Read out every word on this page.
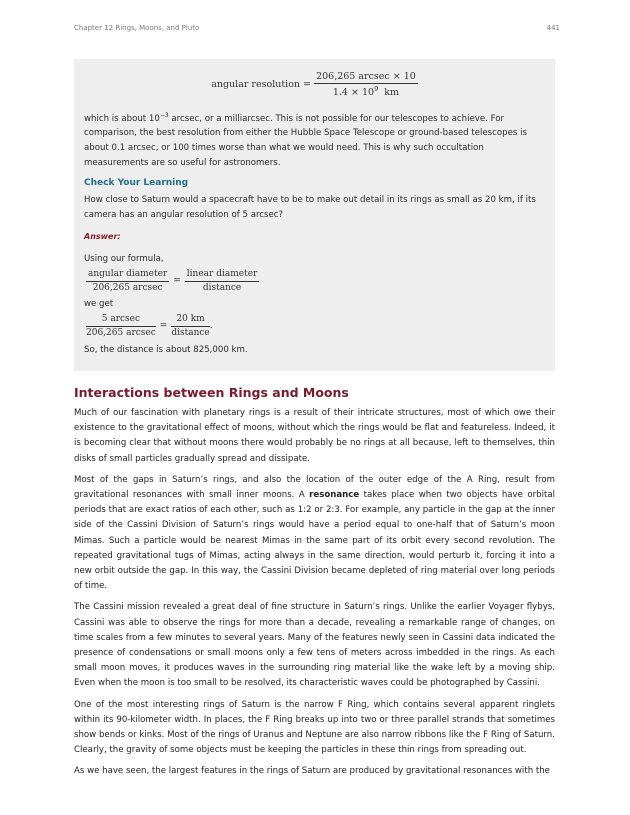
Chapter 12 Rings, Moons, and Pluto	441
angular resolution = $\frac{\text{206,265 arcsec × 10}}{1.4 \times 10^9 km}$

which is about $10^{-3}$ arcsec, or a milliarcsec. This is not possible for our telescopes to achieve. For comparison, the best resolution from either the Hubble Space Telescope or ground-based telescopes is about 0.1 arcsec, or 100 times worse than what we would need. This is why such occultation measurements are so useful for astronomers.

Check Your Learning

How close to Saturn would a spacecraft have to be to make out detail in its rings as small as 20 km, if its camera has an angular resolution of 5 arcsec?

Answer:

Using our formula,

$\frac{\text{angular diameter}}{\text{206,265 arcsec}} = \frac{\text{linear diameter}}{\text{distance}}$

we get

$\frac{\text{5 arcsec}}{\text{206,265 arcsec}} = \frac{20 km}{\text{distance}}$ .

So, the distance is about 825,000 km.

Interactions between Rings and Moons

Much of our fascination with planetary rings is a result of their intricate structures, most of which owe their existence to the gravitational effect of moons, without which the rings would be flat and featureless. Indeed, it is becoming clear that without moons there would probably be no rings at all because, left to themselves, thin disks of small particles gradually spread and dissipate.

Most of the gaps in Saturn’s rings, and also the location of the outer edge of the A Ring, result from gravitational resonances with small inner moons. A resonance takes place when two objects have orbital periods that are exact ratios of each other, such as 1:2 or 2:3. For example, any particle in the gap at the inner side of the Cassini Division of Saturn’s rings would have a period equal to one-half that of Saturn’s moon Mimas. Such a particle would be nearest Mimas in the same part of its orbit every second revolution. The repeated gravitational tugs of Mimas, acting always in the same direction, would perturb it, forcing it into a new orbit outside the gap. In this way, the Cassini Division became depleted of ring material over long periods of time.

The Cassini mission revealed a great deal of fine structure in Saturn’s rings. Unlike the earlier Voyager flybys, Cassini was able to observe the rings for more than a decade, revealing a remarkable range of changes, on time scales from a few minutes to several years. Many of the features newly seen in Cassini data indicated the presence of condensations or small moons only a few tens of meters across imbedded in the rings. As each small moon moves, it produces waves in the surrounding ring material like the wake left by a moving ship. Even when the moon is too small to be resolved, its characteristic waves could be photographed by Cassini.

One of the most interesting rings of Saturn is the narrow F Ring, which contains several apparent ringlets within its 90-kilometer width. In places, the F Ring breaks up into two or three parallel strands that sometimes show bends or kinks. Most of the rings of Uranus and Neptune are also narrow ribbons like the F Ring of Saturn. Clearly, the gravity of some objects must be keeping the particles in these thin rings from spreading out.

As we have seen, the largest features in the rings of Saturn are produced by gravitational resonances with the
